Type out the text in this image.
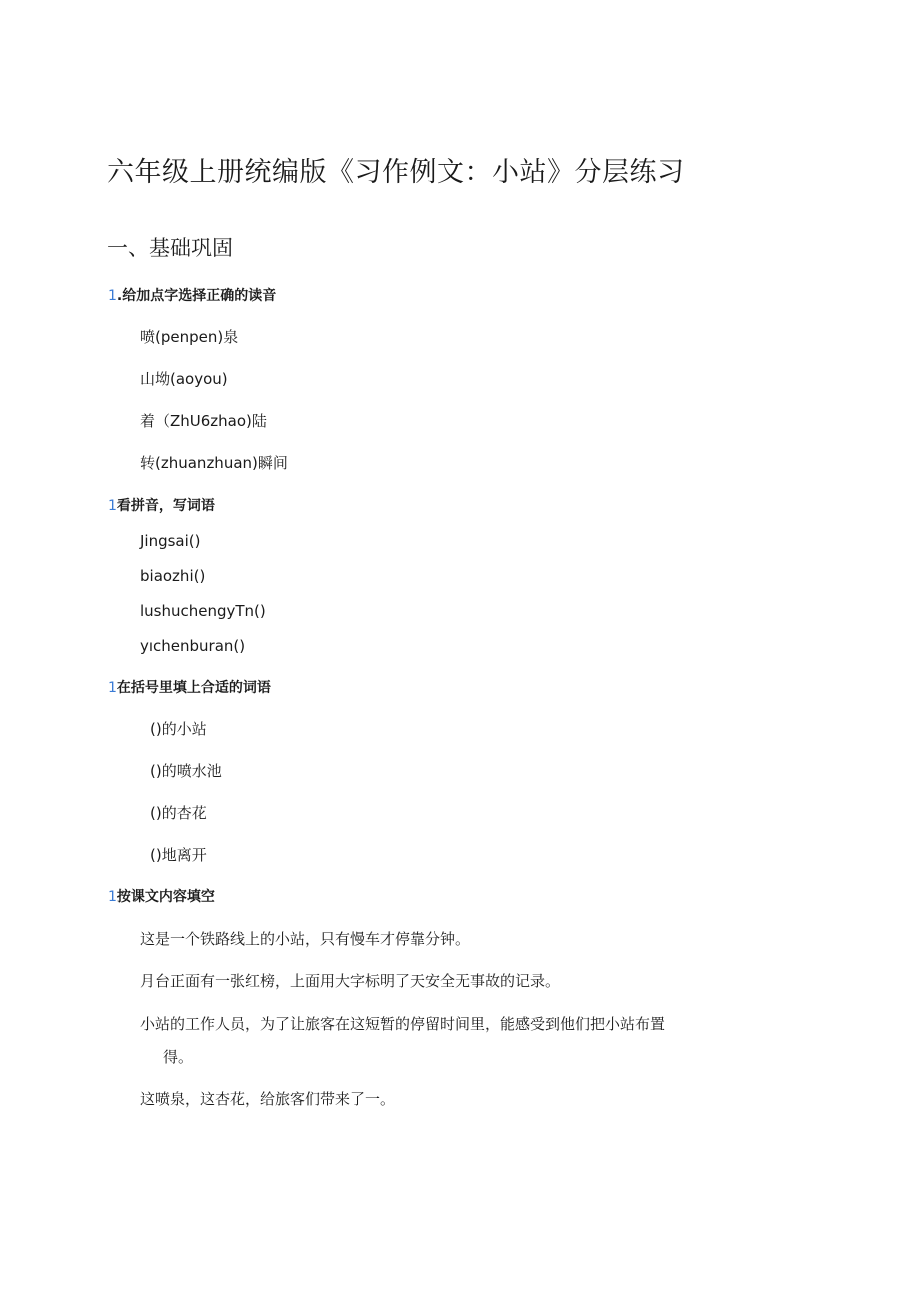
六年级上册统编版《习作例文：小站》分层练习
一、基础巩固
1.给加点字选择正确的读音
喷(penpen)泉
山坳(aoyou)
着（ZhU6zhao)陆
转(zhuanzhuan)瞬间
1看拼音，写词语
Jingsai()
biaozhi()
lushuchengyTn()
yıchenburan()
1在括号里填上合适的词语
()的小站
()的喷水池
()的杏花
()地离开
1按课文内容填空
这是一个铁路线上的小站，只有慢车才停靠分钟。
月台正面有一张红榜，上面用大字标明了天安全无事故的记录。
小站的工作人员，为了让旅客在这短暂的停留时间里，能感受到他们把小站布置
得。
这喷泉，这杏花，给旅客们带来了一。
